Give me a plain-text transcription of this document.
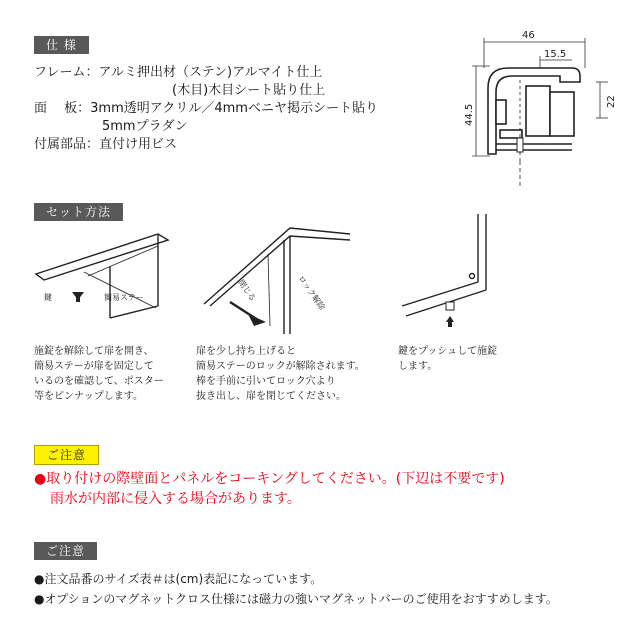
仕 様
フレーム：アルミ押出材（ステン)アルマイト仕上
(木目)木目シート貼り仕上
面　 板：3mm透明アクリル／4mmベニヤ掲示シート貼り
5mmプラダン
付属部品：直付け用ビス
46
15.5
44.5
22
セット方法
鍵	簡易ステー	閉じる	ロック解除
施錠を解除して扉を開き、
簡易ステーが扉を固定して
いるのを確認して、ポスター
等をピンナップします。
扉を少し持ち上げると
簡易ステーのロックが解除されます。
棒を手前に引いてロック穴より
抜き出し、扉を閉じてください。
鍵をプッシュして施錠
します。
ご注意
●取り付けの際壁面とパネルをコーキングしてください。(下辺は不要です)
雨水が内部に侵入する場合があります。
ご注意
●注文品番のサイズ表＃は(cm)表記になっています。
●オプションのマグネットクロス仕様には磁力の強いマグネットバーのご使用をおすすめします。
